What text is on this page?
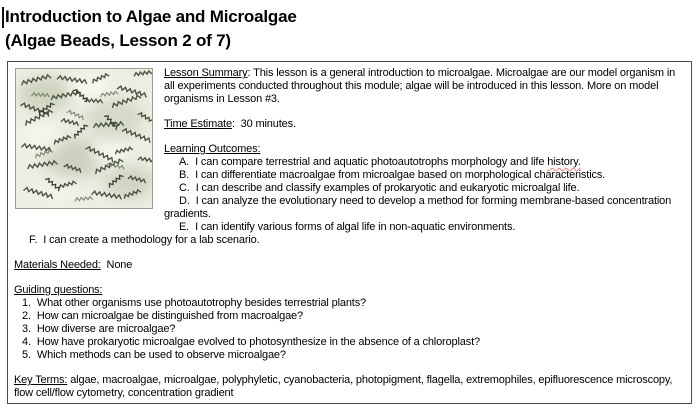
Introduction to Algae and Microalgae
(Algae Beads, Lesson 2 of 7)

Lesson Summary: This lesson is a general introduction to microalgae. Microalgae are our model organism in all experiments conducted throughout this module; algae will be introduced in this lesson. More on model organisms in Lesson #3.

Time Estimate:  30 minutes.

Learning Outcomes:

A. I can compare terrestrial and aquatic photoautotrophs morphology and life history.
B. I can differentiate macroalgae from microalgae based on morphological characteristics.
C. I can describe and classify examples of prokaryotic and eukaryotic microalgal life.
D. I can analyze the evolutionary need to develop a method for forming membrane-based concentration gradients.
E. I can identify various forms of algal life in non-aquatic environments.
F. I can create a methodology for a lab scenario.

Materials Needed: None

Guiding questions:

1. What other organisms use photoautotrophy besides terrestrial plants?
2. How can microalgae be distinguished from macroalgae?
3. How diverse are microalgae?
4. How have prokaryotic microalgae evolved to photosynthesize in the absence of a chloroplast?
5. Which methods can be used to observe microalgae?

Key Terms: algae, macroalgae, microalgae, polyphyletic, cyanobacteria, photopigment, flagella, extremophiles, epifluorescence microscopy, flow cell/flow cytometry, concentration gradient
